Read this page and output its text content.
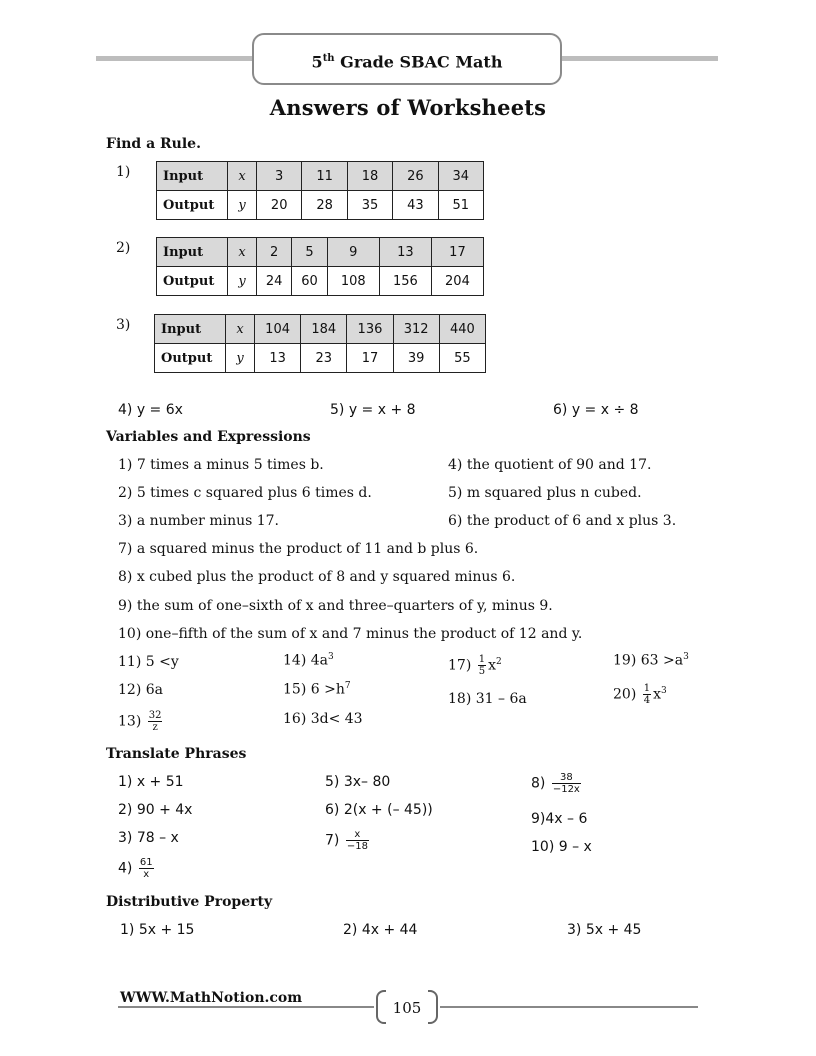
5th Grade SBAC Math
Answers of Worksheets
Find a Rule.
1)	Input	x	3	11	18	26	34
Output	y	20	28	35	43	51
2)	Input	x	2	5	9	13	17
Output	y	24	60	108	156	204
3) Input	x	104	184	136	312	440
Output	y	13	23	17	39	55
4) y = 6x	5) y = x + 8	6) y = x ÷ 8
Variables and Expressions
1) 7 times a minus 5 times b.
2) 5 times c squared plus 6 times d.
3) a number minus 17.
4) the quotient of 90 and 17.
5) m squared plus n cubed.
6) the product of 6 and x plus 3.
7) a squared minus the product of 11 and b plus 6.
8) x cubed plus the product of 8 and y squared minus 6.
9) the sum of one–sixth of x and three–quarters of y, minus 9.
10) one–fifth of the sum of x and 7 minus the product of 12 and y.
11) 5 <y
12) 6a
$13) \frac{32}{z}$
14) $4a^3$
15) $6 >h^7$
16) 3d< 43
$17) \frac{1}{5} x^2$
18) 31 – 6a
19) $63 >a^3$
$20) \frac{1}{4} x^3$
Translate Phrases
1) x + 51
2) 90 + 4x
3) 78 – x
$4) \frac{61}{x}$
5) 3x– 80
6) 2(x + (– 45))
$7) \frac{x}{-18}$
$8) \frac{38}{-12x}$
9)4x – 6
10) 9 – x
Distributive Property
1) 5x + 15	2) 4x + 44	3) 5x + 45
WWW.MathNotion.com
105
